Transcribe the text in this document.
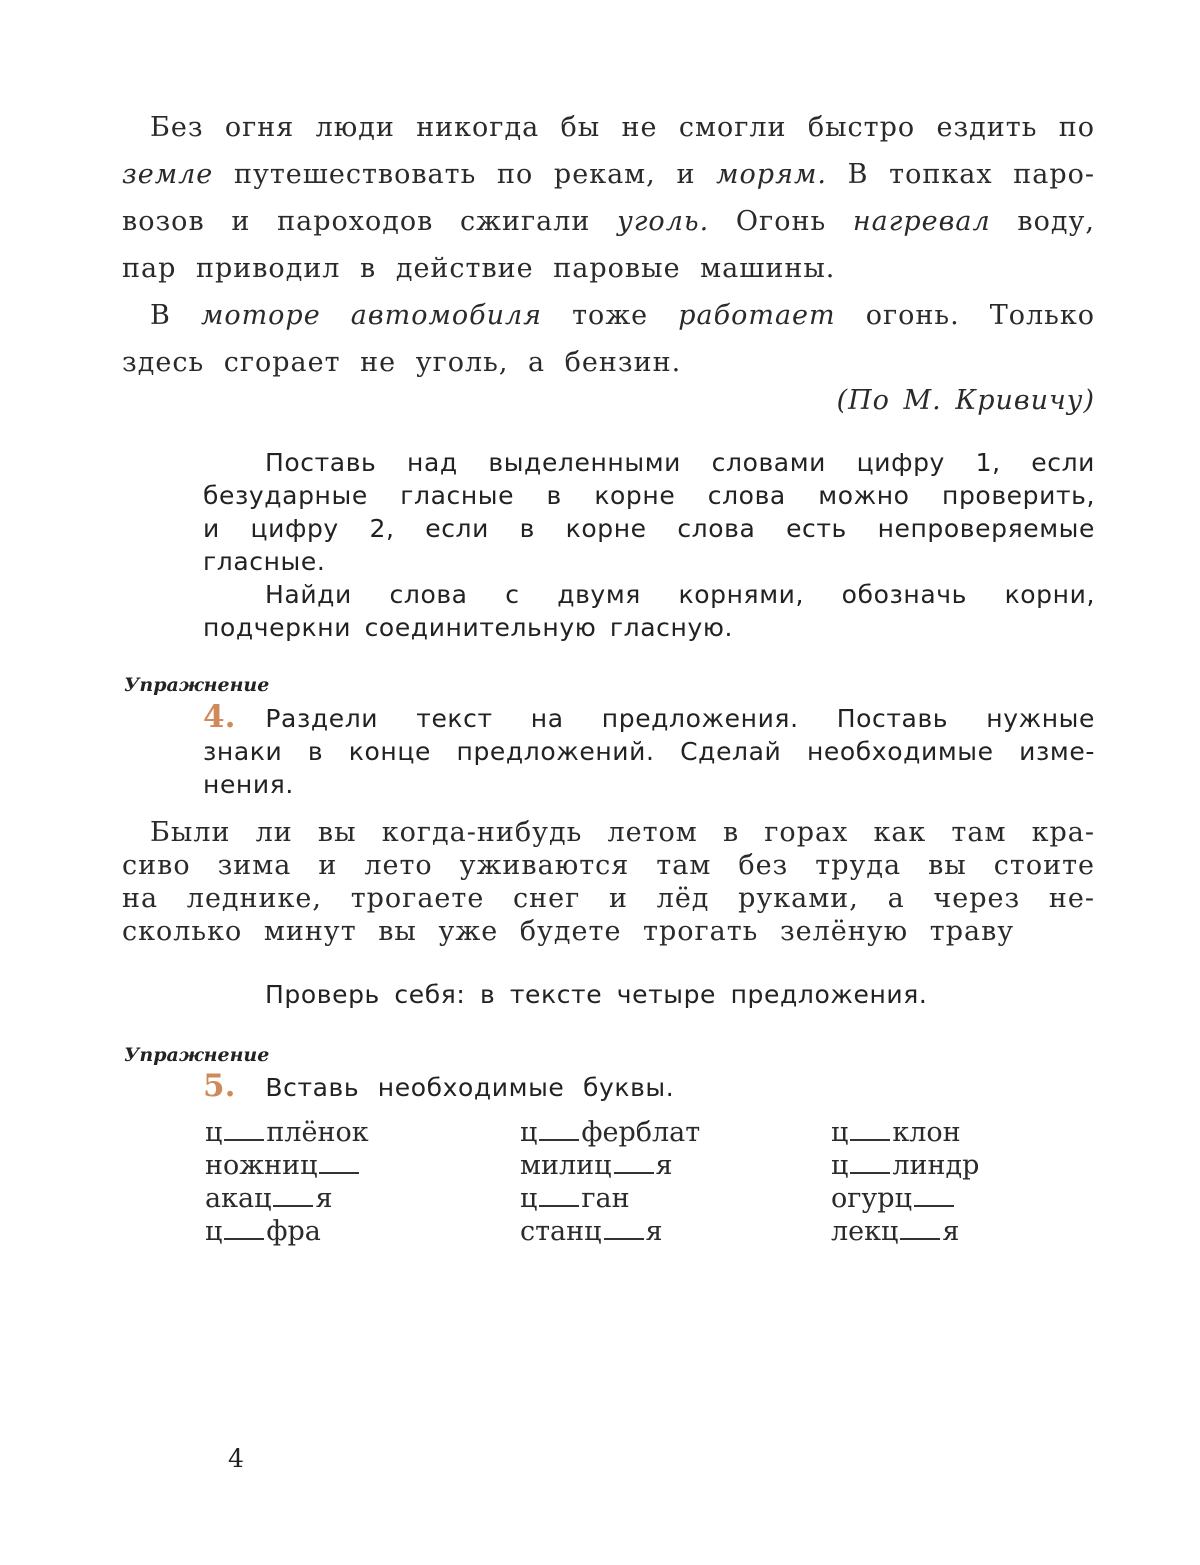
Без огня люди никогда бы не смогли быстро ездить по

земле путешествовать по рекам, и морям. В топках паро-

возов и пароходов сжигали уголь. Огонь нагревал воду,

пар приводил в действие паровые машины.

В моторе автомобиля тоже работает огонь. Только

здесь сгорает не уголь, а бензин.

(По М. Кривичу)

Поставь над выделенными словами цифру 1, если

безударные гласные в корне слова можно проверить,

и цифру 2, если в корне слова есть непроверяемые

гласные.

Найди слова с двумя корнями, обозначь корни,

подчеркни соединительную гласную.

Упражнение

4. Раздели текст на предложения. Поставь нужные

знаки в конце предложений. Сделай необходимые изме-

нения.

Были ли вы когда-нибудь летом в горах как там кра-

сиво зима и лето уживаются там без труда вы стоите

на леднике, трогаете снег и лёд руками, а через не-

сколько минут вы уже будете трогать зелёную траву

Проверь себя: в тексте четыре предложения.
Упражнение

5. Вставь необходимые буквы.

ц плёнок
ножниц
акац я
ц фра
ц ферблат
милиц я
ц ган
станц я
ц клон
ц линдр
огурц
лекц я
4
